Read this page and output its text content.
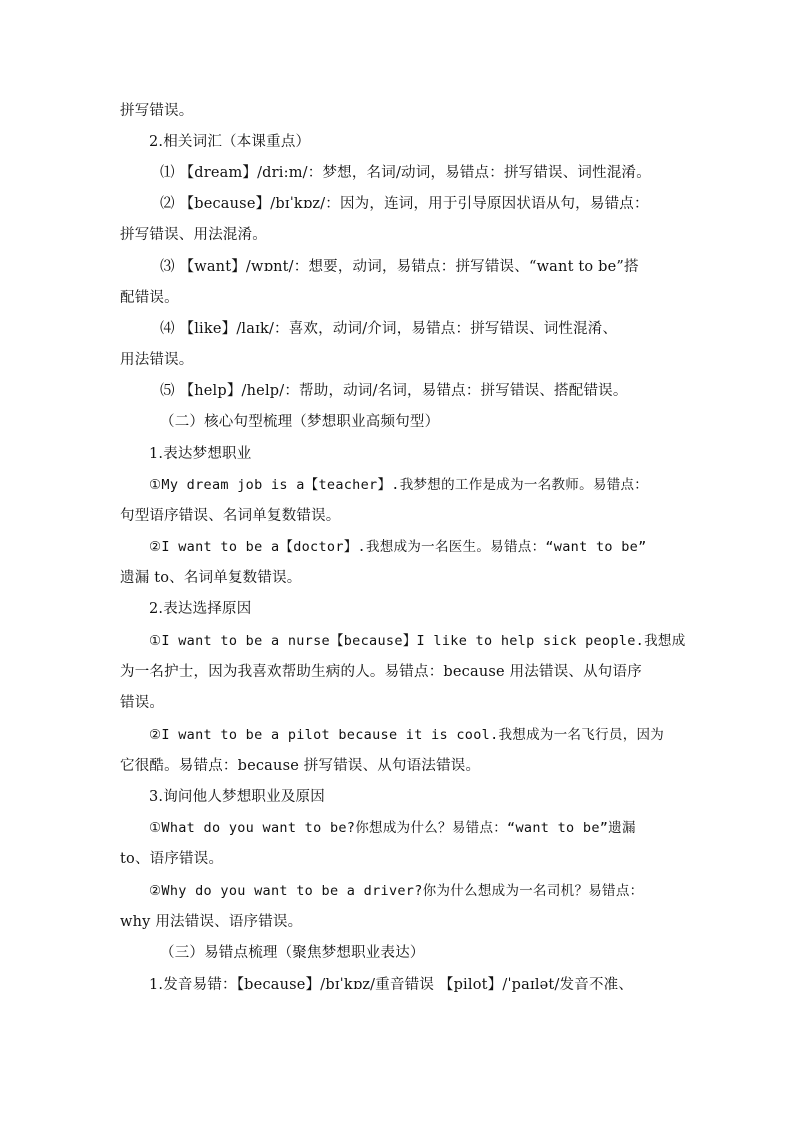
拼写错误。
2.相关词汇（本课重点）
⑴ 【dream】/dri:m/：梦想，名词/动词，易错点：拼写错误、词性混淆。
⑵ 【because】/bɪˈkɒz/：因为，连词，用于引导原因状语从句，易错点：
拼写错误、用法混淆。
⑶ 【want】/wɒnt/：想要，动词，易错点：拼写错误、“want to be”搭
配错误。
⑷ 【like】/laɪk/：喜欢，动词/介词，易错点：拼写错误、词性混淆、
用法错误。
⑸ 【help】/help/：帮助，动词/名词，易错点：拼写错误、搭配错误。
（二）核心句型梳理（梦想职业高频句型）
1.表达梦想职业
①My dream job is a【teacher】.我梦想的工作是成为一名教师。易错点：
句型语序错误、名词单复数错误。
②I want to be a【doctor】.我想成为一名医生。易错点：“want to be”
遗漏 to、名词单复数错误。
2.表达选择原因
①I want to be a nurse【because】I like to help sick people.我想成
为一名护士，因为我喜欢帮助生病的人。易错点：because 用法错误、从句语序
错误。
②I want to be a pilot because it is cool.我想成为一名飞行员，因为
它很酷。易错点：because 拼写错误、从句语法错误。
3.询问他人梦想职业及原因
①What do you want to be?你想成为什么？易错点：“want to be”遗漏
to、语序错误。
②Why do you want to be a driver?你为什么想成为一名司机？易错点：
why 用法错误、语序错误。
（三）易错点梳理（聚焦梦想职业表达）
1.发音易错：【because】/bɪˈkɒz/重音错误 【pilot】/ˈpaɪlət/发音不准、
